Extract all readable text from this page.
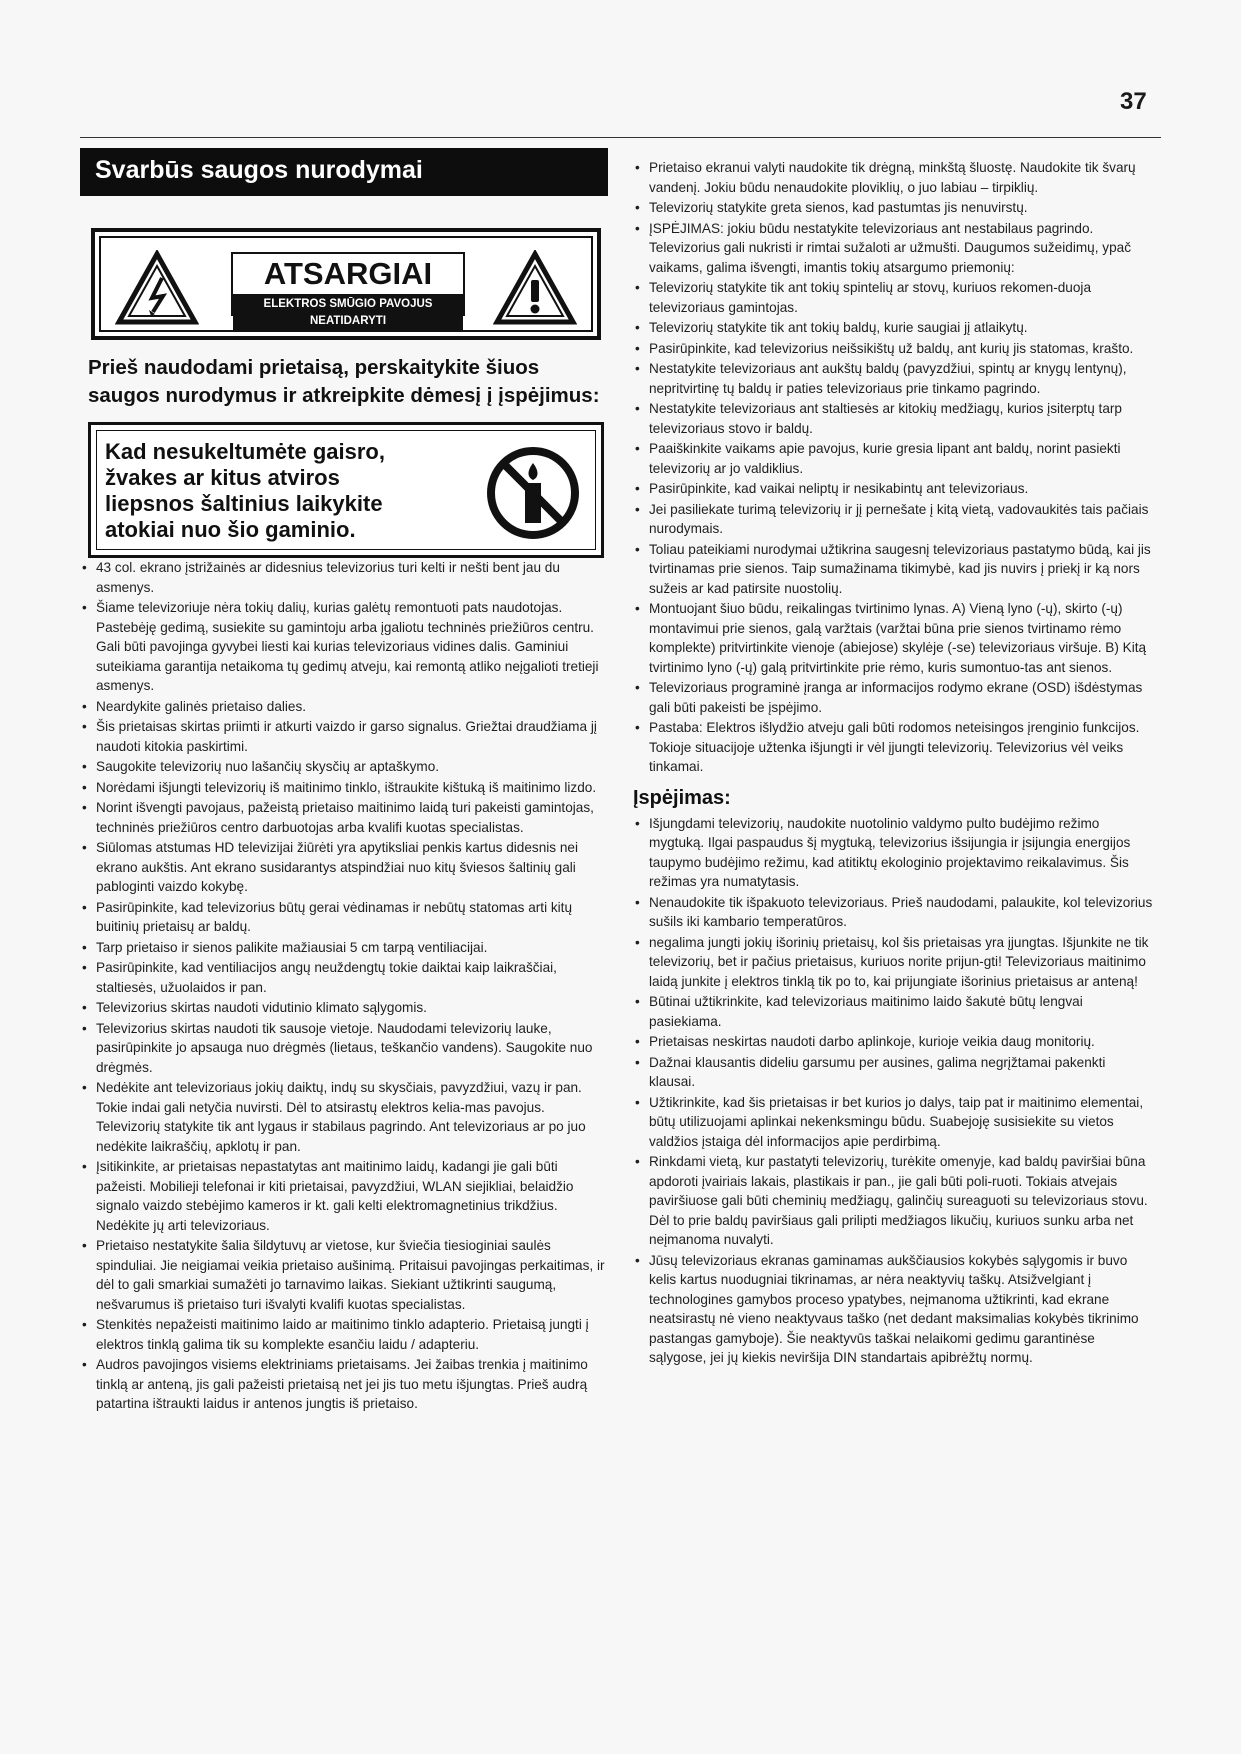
37
Svarbūs saugos nurodymai
ATSARGIAI
ELEKTROS SMŪGIO PAVOJUS
NEATIDARYTI
Prieš naudodami prietaisą, perskaitykite šiuos saugos nurodymus ir atkreipkite dėmesį į įspėjimus:
Kad nesukeltumėte gaisro, žvakes ar kitus atviros liepsnos šaltinius laikykite atokiai nuo šio gaminio.
• 43 col. ekrano įstrižainės ar didesnius televizorius turi kelti ir nešti bent jau du asmenys.
• Šiame televizoriuje nėra tokių dalių, kurias galėtų remontuoti pats naudotojas. Pastebėję gedimą, susiekite su gamintoju arba įgaliotu techninės priežiūros centru. Gali būti pavojinga gyvybei liesti kai kurias televizoriaus vidines dalis. Gaminiui suteikiama garantija netaikoma tų gedimų atveju, kai remontą atliko neįgalioti tretieji asmenys.
• Neardykite galinės prietaiso dalies.
• Šis prietaisas skirtas priimti ir atkurti vaizdo ir garso signalus. Griežtai draudžiama jį naudoti kitokia paskirtimi.
• Saugokite televizorių nuo lašančių skysčių ar aptaškymo.
• Norėdami išjungti televizorių iš maitinimo tinklo, ištraukite kištuką iš maitinimo lizdo.
• Norint išvengti pavojaus, pažeistą prietaiso maitinimo laidą turi pakeisti gamintojas, techninės priežiūros centro darbuotojas arba kvalifi kuotas specialistas.
• Siūlomas atstumas HD televizijai žiūrėti yra apytiksliai penkis kartus didesnis nei ekrano aukštis. Ant ekrano susidarantys atspindžiai nuo kitų šviesos šaltinių gali pabloginti vaizdo kokybę.
• Pasirūpinkite, kad televizorius būtų gerai vėdinamas ir nebūtų statomas arti kitų buitinių prietaisų ar baldų.
• Tarp prietaiso ir sienos palikite mažiausiai 5 cm tarpą ventiliacijai.
• Pasirūpinkite, kad ventiliacijos angų neuždengtų tokie daiktai kaip laikraščiai, staltiesės, užuolaidos ir pan.
• Televizorius skirtas naudoti vidutinio klimato sąlygomis.
• Televizorius skirtas naudoti tik sausoje vietoje. Naudodami televizorių lauke, pasirūpinkite jo apsauga nuo drėgmės (lietaus, teškančio vandens). Saugokite nuo drėgmės.
• Nedėkite ant televizoriaus jokių daiktų, indų su skysčiais, pavyzdžiui, vazų ir pan. Tokie indai gali netyčia nuvirsti. Dėl to atsirastų elektros kelia-mas pavojus. Televizorių statykite tik ant lygaus ir stabilaus pagrindo. Ant televizoriaus ar po juo nedėkite laikraščių, apklotų ir pan.
• Įsitikinkite, ar prietaisas nepastatytas ant maitinimo laidų, kadangi jie gali būti pažeisti. Mobilieji telefonai ir kiti prietaisai, pavyzdžiui, WLAN siejikliai, belaidžio signalo vaizdo stebėjimo kameros ir kt. gali kelti elektromagnetinius trikdžius. Nedėkite jų arti televizoriaus.
• Prietaiso nestatykite šalia šildytuvų ar vietose, kur šviečia tiesioginiai saulės spinduliai. Jie neigiamai veikia prietaiso aušinimą. Pritaisui pavojingas perkaitimas, ir dėl to gali smarkiai sumažėti jo tarnavimo laikas. Siekiant užtikrinti saugumą, nešvarumus iš prietaiso turi išvalyti kvalifi kuotas specialistas.
• Stenkitės nepažeisti maitinimo laido ar maitinimo tinklo adapterio. Prietaisą jungti į elektros tinklą galima tik su komplekte esančiu laidu / adapteriu.
• Audros pavojingos visiems elektriniams prietaisams. Jei žaibas trenkia į maitinimo tinklą ar anteną, jis gali pažeisti prietaisą net jei jis tuo metu išjungtas. Prieš audrą patartina ištraukti laidus ir antenos jungtis iš prietaiso.
• Prietaiso ekranui valyti naudokite tik drėgną, minkštą šluostę. Naudokite tik švarų vandenį. Jokiu būdu nenaudokite ploviklių, o juo labiau – tirpiklių.
• Televizorių statykite greta sienos, kad pastumtas jis nenuvirstų.
• ĮSPĖJIMAS: jokiu būdu nestatykite televizoriaus ant nestabilaus pagrindo. Televizorius gali nukristi ir rimtai sužaloti ar užmušti. Daugumos sužeidimų, ypač vaikams, galima išvengti, imantis tokių atsargumo priemonių:
• Televizorių statykite tik ant tokių spintelių ar stovų, kuriuos rekomen-duoja televizoriaus gamintojas.
• Televizorių statykite tik ant tokių baldų, kurie saugiai jį atlaikytų.
• Pasirūpinkite, kad televizorius neišsikištų už baldų, ant kurių jis statomas, krašto.
• Nestatykite televizoriaus ant aukštų baldų (pavyzdžiui, spintų ar knygų lentynų), nepritvirtinę tų baldų ir paties televizoriaus prie tinkamo pagrindo.
• Nestatykite televizoriaus ant staltiesės ar kitokių medžiagų, kurios įsiterptų tarp televizoriaus stovo ir baldų.
• Paaiškinkite vaikams apie pavojus, kurie gresia lipant ant baldų, norint pasiekti televizorių ar jo valdiklius.
• Pasirūpinkite, kad vaikai neliptų ir nesikabintų ant televizoriaus.
• Jei pasiliekate turimą televizorių ir jį pernešate į kitą vietą, vadovaukitės tais pačiais nurodymais.
• Toliau pateikiami nurodymai užtikrina saugesnį televizoriaus pastatymo būdą, kai jis tvirtinamas prie sienos. Taip sumažinama tikimybė, kad jis nuvirs į priekį ir ką nors sužeis ar kad patirsite nuostolių.
• Montuojant šiuo būdu, reikalingas tvirtinimo lynas. A) Vieną lyno (-ų), skirto (-ų) montavimui prie sienos, galą varžtais (varžtai būna prie sienos tvirtinamo rėmo komplekte) pritvirtinkite vienoje (abiejose) skylėje (-se) televizoriaus viršuje. B) Kitą tvirtinimo lyno (-ų) galą pritvirtinkite prie rėmo, kuris sumontuo-tas ant sienos.
• Televizoriaus programinė įranga ar informacijos rodymo ekrane (OSD) išdėstymas gali būti pakeisti be įspėjimo.
• Pastaba: Elektros išlydžio atveju gali būti rodomos neteisingos įrenginio funkcijos. Tokioje situacijoje užtenka išjungti ir vėl įjungti televizorių. Televizorius vėl veiks tinkamai.
Įspėjimas:
• Išjungdami televizorių, naudokite nuotolinio valdymo pulto budėjimo režimo mygtuką. Ilgai paspaudus šį mygtuką, televizorius išsijungia ir įsijungia energijos taupymo budėjimo režimu, kad atitiktų ekologinio projektavimo reikalavimus. Šis režimas yra numatytasis.
• Nenaudokite tik išpakuoto televizoriaus. Prieš naudodami, palaukite, kol televizorius sušils iki kambario temperatūros.
• negalima jungti jokių išorinių prietaisų, kol šis prietaisas yra įjungtas. Išjunkite ne tik televizorių, bet ir pačius prietaisus, kuriuos norite prijun-gti! Televizoriaus maitinimo laidą junkite į elektros tinklą tik po to, kai prijungiate išorinius prietaisus ar anteną!
• Būtinai užtikrinkite, kad televizoriaus maitinimo laido šakutė būtų lengvai pasiekiama.
• Prietaisas neskirtas naudoti darbo aplinkoje, kurioje veikia daug monitorių.
• Dažnai klausantis dideliu garsumu per ausines, galima negrįžtamai pakenkti klausai.
• Užtikrinkite, kad šis prietaisas ir bet kurios jo dalys, taip pat ir maitinimo elementai, būtų utilizuojami aplinkai nekenksmingu būdu. Suabejoję susisiekite su vietos valdžios įstaiga dėl informacijos apie perdirbimą.
• Rinkdami vietą, kur pastatyti televizorių, turėkite omenyje, kad baldų paviršiai būna apdoroti įvairiais lakais, plastikais ir pan., jie gali būti poli-ruoti. Tokiais atvejais paviršiuose gali būti cheminių medžiagų, galinčių sureaguoti su televizoriaus stovu. Dėl to prie baldų paviršiaus gali prilipti medžiagos likučių, kuriuos sunku arba net neįmanoma nuvalyti.
• Jūsų televizoriaus ekranas gaminamas aukščiausios kokybės sąlygomis ir buvo kelis kartus nuodugniai tikrinamas, ar nėra neaktyvių taškų. Atsižvelgiant į technologines gamybos proceso ypatybes, neįmanoma užtikrinti, kad ekrane neatsirastų nė vieno neaktyvaus taško (net dedant maksimalias kokybės tikrinimo pastangas gamyboje). Šie neaktyvūs taškai nelaikomi gedimu garantinėse sąlygose, jei jų kiekis neviršija DIN standartais apibrėžtų normų.
